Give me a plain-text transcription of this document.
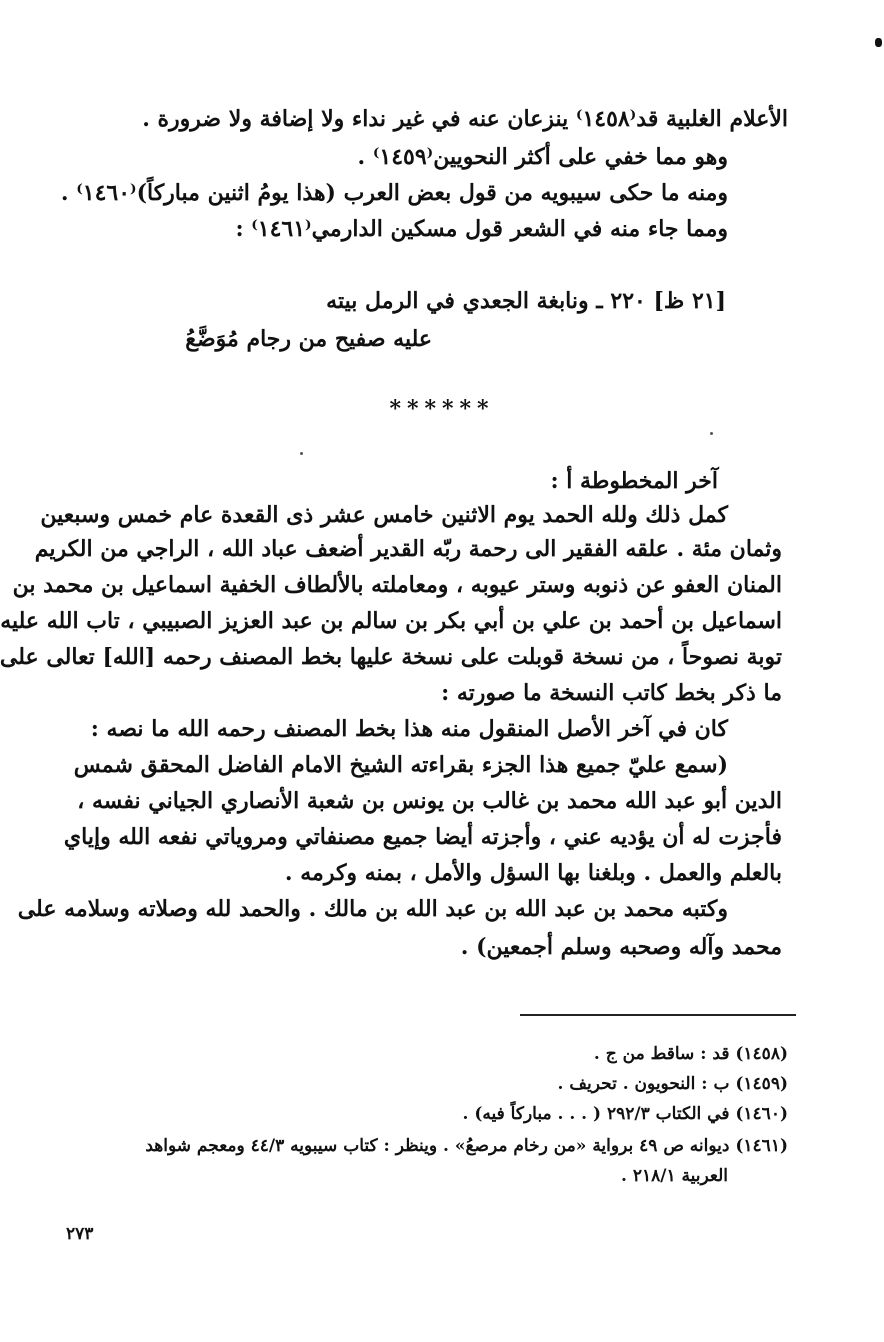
الأعلام الغلبية قد⁽١٤٥٨⁾ ينزعان عنه في غير نداء ولا إضافة ولا ضرورة .
وهو مما خفي على أكثر النحويين⁽١٤٥٩⁾ .
ومنه ما حكى سيبويه من قول بعض العرب (هذا يومُ اثنين مباركاً)⁽١٤٦٠⁾ .
ومما جاء منه في الشعر قول مسكين الدارمي⁽١٤٦١⁾ :
[٢١ ظ] ٢٢٠ ـ ونابغة الجعدي في الرمل بيته
عليه صفيح من رجام مُوَضَّعُ
******
آخر المخطوطة أ :
كمل ذلك ولله الحمد يوم الاثنين خامس عشر ذى القعدة عام خمس وسبعين
وثمان مئة . علقه الفقير الى رحمة ربّه القدير أضعف عباد الله ، الراجي من الكريم
المنان العفو عن ذنوبه وستر عيوبه ، ومعاملته بالألطاف الخفية اسماعيل بن محمد بن
اسماعيل بن أحمد بن علي بن أبي بكر بن سالم بن عبد العزيز الصبيبي ، تاب الله عليه
توبة نصوحاً ، من نسخة قوبلت على نسخة عليها بخط المصنف رحمه [الله] تعالى على
ما ذكر بخط كاتب النسخة ما صورته :
كان في آخر الأصل المنقول منه هذا بخط المصنف رحمه الله ما نصه :
(سمع عليّ جميع هذا الجزء بقراءته الشيخ الامام الفاضل المحقق شمس
الدين أبو عبد الله محمد بن غالب بن يونس بن شعبة الأنصاري الجياني نفسه ،
فأجزت له أن يؤديه عني ، وأجزته أيضا جميع مصنفاتي ومروياتي نفعه الله وإياي
بالعلم والعمل . وبلغنا بها السؤل والأمل ، بمنه وكرمه .
وكتبه محمد بن عبد الله بن عبد الله بن مالك . والحمد لله وصلاته وسلامه على
محمد وآله وصحبه وسلم أجمعين) .
(١٤٥٨) قد : ساقط من ج .
(١٤٥٩) ب : النحويون . تحريف .
(١٤٦٠) في الكتاب ٢٩٢/٣ ( . . . مباركاً فيه) .
(١٤٦١) ديوانه ص ٤٩ برواية «من رخام مرصعُ» . وينظر : كتاب سيبويه ٤٤/٣ ومعجم شواهد
العربية ٢١٨/١ .
٢٧٣
